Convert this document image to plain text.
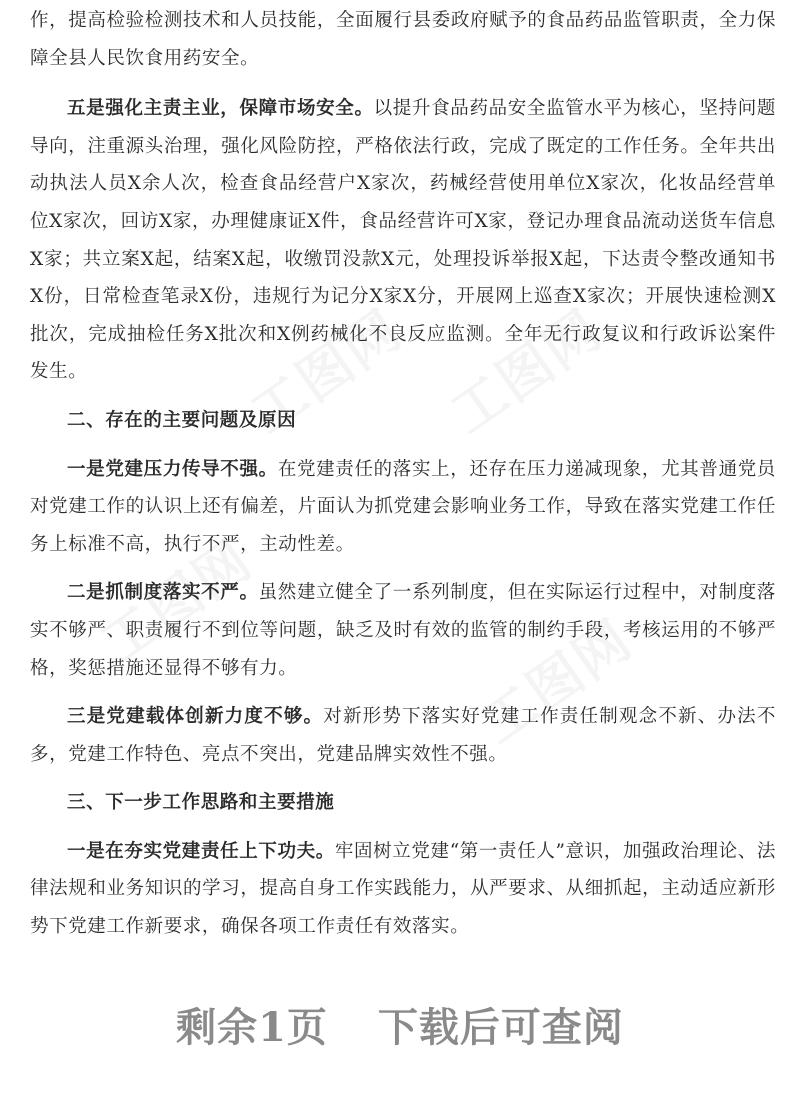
作，提高检验检测技术和人员技能，全面履行县委政府赋予的食品药品监管职责，全力保障全县人民饮食用药安全。

五是强化主责主业，保障市场安全。以提升食品药品安全监管水平为核心，坚持问题导向，注重源头治理，强化风险防控，严格依法行政，完成了既定的工作任务。全年共出动执法人员X余人次，检查食品经营户X家次，药械经营使用单位X家次，化妆品经营单位X家次，回访X家，办理健康证X件，食品经营许可X家，登记办理食品流动送货车信息X家；共立案X起，结案X起，收缴罚没款X元，处理投诉举报X起，下达责令整改通知书X份，日常检查笔录X份，违规行为记分X家X分，开展网上巡查X家次；开展快速检测X批次，完成抽检任务X批次和X例药械化不良反应监测。全年无行政复议和行政诉讼案件发生。

二、存在的主要问题及原因

一是党建压力传导不强。在党建责任的落实上，还存在压力递减现象，尤其普通党员对党建工作的认识上还有偏差，片面认为抓党建会影响业务工作，导致在落实党建工作任务上标准不高，执行不严，主动性差。

二是抓制度落实不严。虽然建立健全了一系列制度，但在实际运行过程中，对制度落实不够严、职责履行不到位等问题，缺乏及时有效的监管的制约手段，考核运用的不够严格，奖惩措施还显得不够有力。

三是党建载体创新力度不够。对新形势下落实好党建工作责任制观念不新、办法不多，党建工作特色、亮点不突出，党建品牌实效性不强。

三、下一步工作思路和主要措施

一是在夯实党建责任上下功夫。牢固树立党建“第一责任人”意识，加强政治理论、法律法规和业务知识的学习，提高自身工作实践能力，从严要求、从细抓起，主动适应新形势下党建工作新要求，确保各项工作责任有效落实。

剩余1页 下载后可查阅
